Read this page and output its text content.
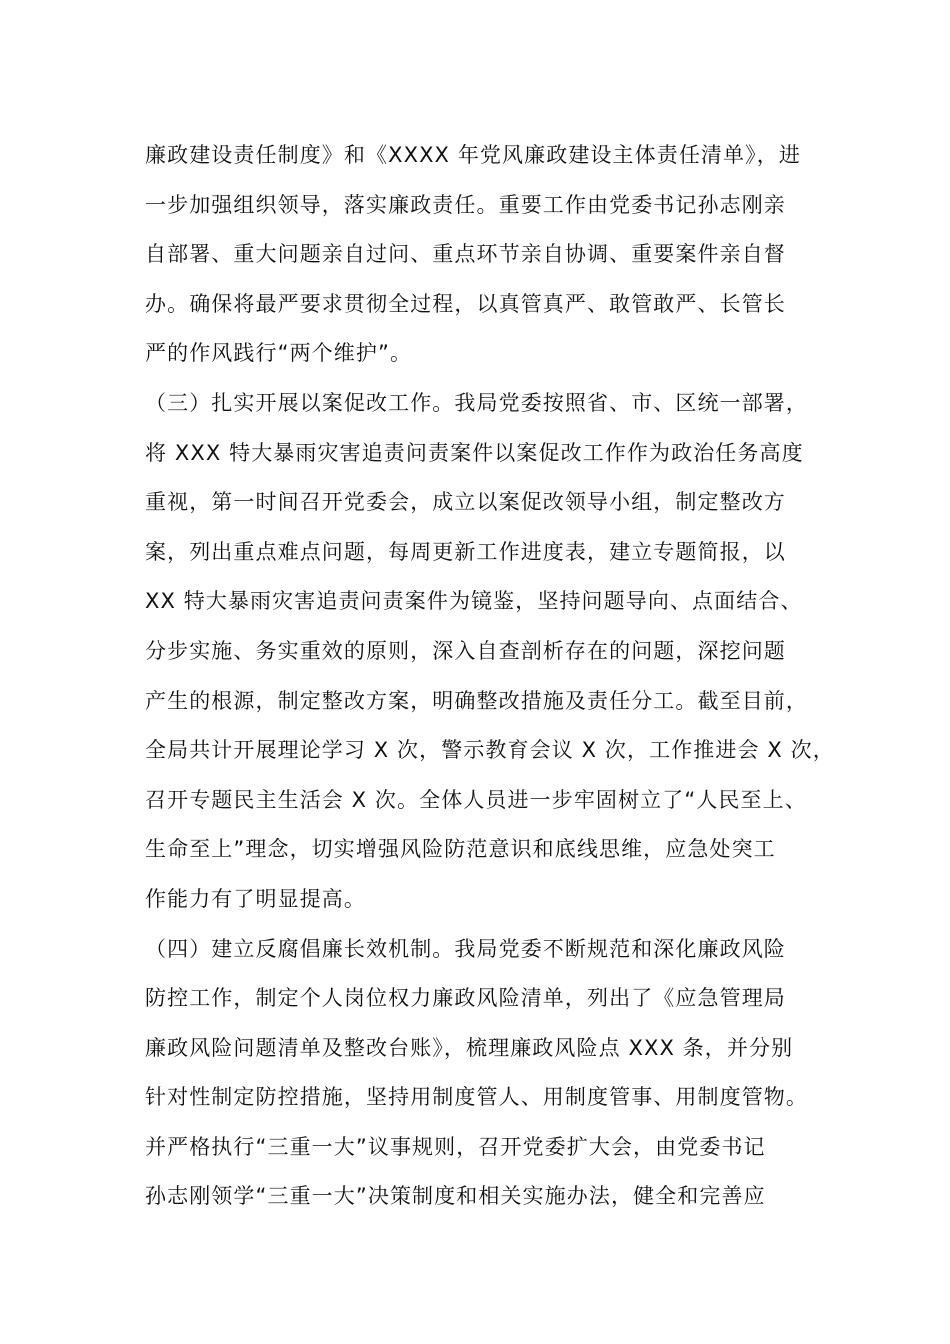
廉政建设责任制度》和《XXXX 年党风廉政建设主体责任清单》，进
一步加强组织领导，落实廉政责任。重要工作由党委书记孙志刚亲
自部署、重大问题亲自过问、重点环节亲自协调、重要案件亲自督
办。确保将最严要求贯彻全过程，以真管真严、敢管敢严、长管长
严的作风践行“两个维护”。
（三）扎实开展以案促改工作。我局党委按照省、市、区统一部署，
将 XXX 特大暴雨灾害追责问责案件以案促改工作作为政治任务高度
重视，第一时间召开党委会，成立以案促改领导小组，制定整改方
案，列出重点难点问题，每周更新工作进度表，建立专题简报，以
XX 特大暴雨灾害追责问责案件为镜鉴，坚持问题导向、点面结合、
分步实施、务实重效的原则，深入自查剖析存在的问题，深挖问题
产生的根源，制定整改方案，明确整改措施及责任分工。截至目前，
全局共计开展理论学习 X 次，警示教育会议 X 次，工作推进会 X 次，
召开专题民主生活会 X 次。全体人员进一步牢固树立了“人民至上、
生命至上”理念，切实增强风险防范意识和底线思维，应急处突工
作能力有了明显提高。
（四）建立反腐倡廉长效机制。我局党委不断规范和深化廉政风险
防控工作，制定个人岗位权力廉政风险清单，列出了《应急管理局
廉政风险问题清单及整改台账》，梳理廉政风险点 XXX 条，并分别
针对性制定防控措施，坚持用制度管人、用制度管事、用制度管物。
并严格执行“三重一大”议事规则，召开党委扩大会，由党委书记
孙志刚领学“三重一大”决策制度和相关实施办法，健全和完善应
